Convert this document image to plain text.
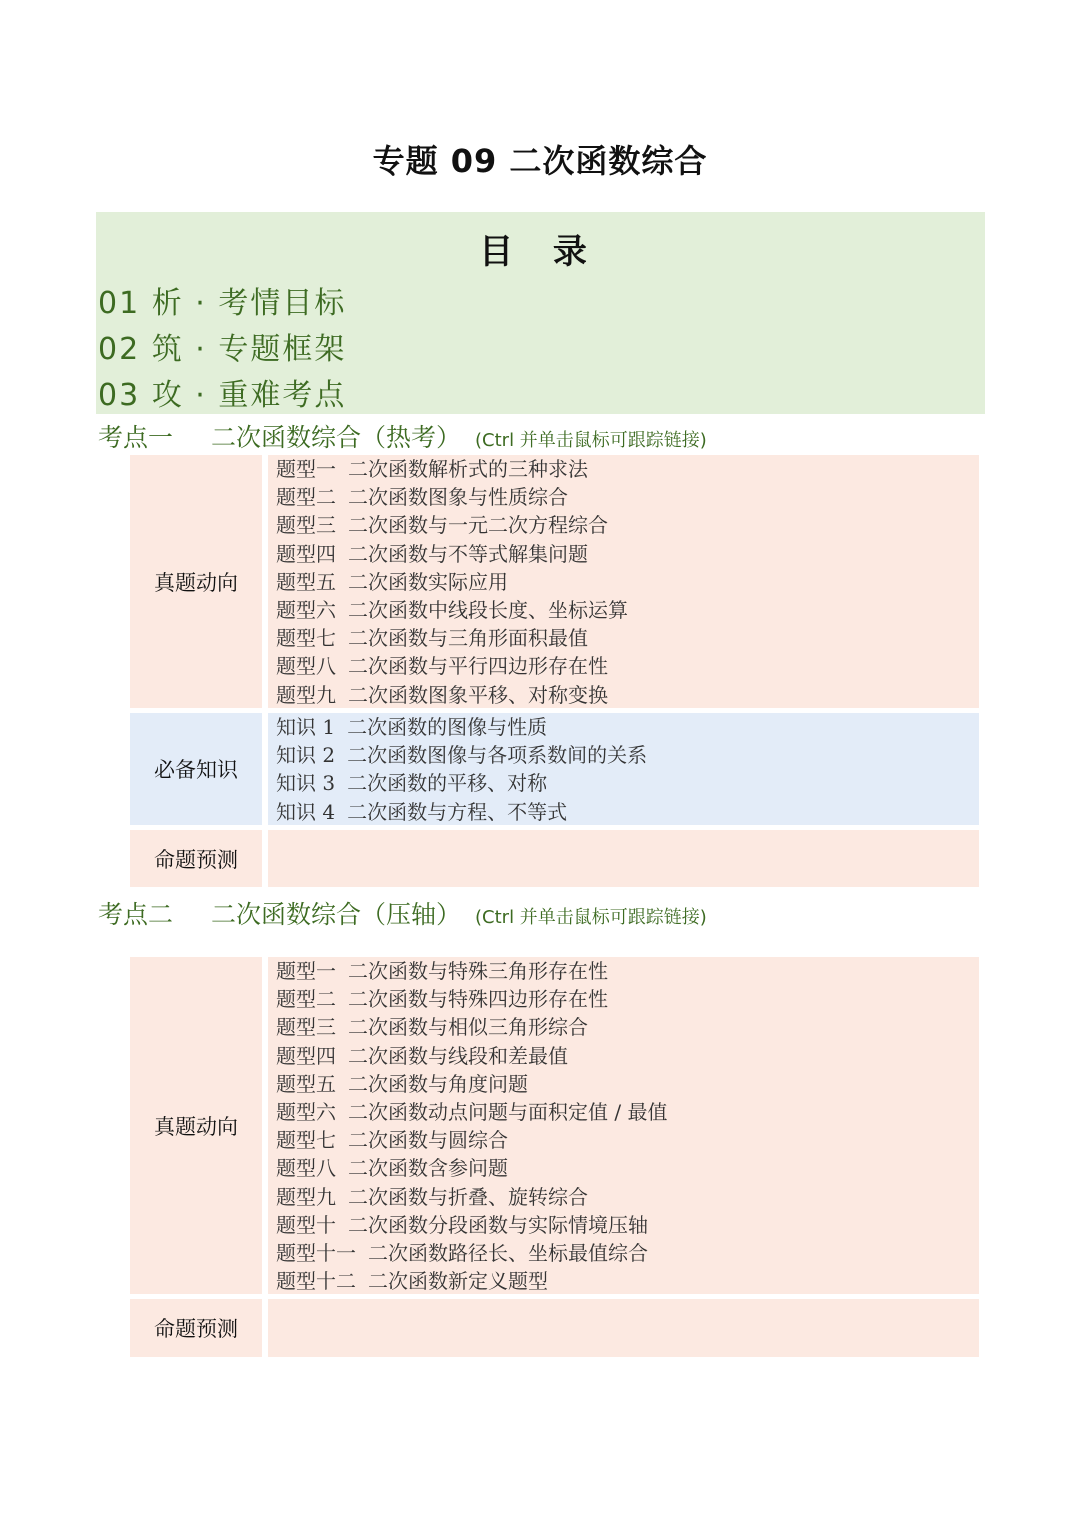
专题 09 二次函数综合
目 录
01 析 · 考情目标
02 筑 · 专题框架
03 攻 · 重难考点
考点一 二次函数综合（热考） (Ctrl 并单击鼠标可跟踪链接)
真题动向
题型一 二次函数解析式的三种求法
题型二 二次函数图象与性质综合
题型三 二次函数与一元二次方程综合
题型四 二次函数与不等式解集问题
题型五 二次函数实际应用
题型六 二次函数中线段长度、坐标运算
题型七 二次函数与三角形面积最值
题型八 二次函数与平行四边形存在性
题型九 二次函数图象平移、对称变换
必备知识
知识 1 二次函数的图像与性质
知识 2 二次函数图像与各项系数间的关系
知识 3 二次函数的平移、对称
知识 4 二次函数与方程、不等式
命题预测
考点二 二次函数综合（压轴） (Ctrl 并单击鼠标可跟踪链接)
真题动向
题型一 二次函数与特殊三角形存在性
题型二 二次函数与特殊四边形存在性
题型三 二次函数与相似三角形综合
题型四 二次函数与线段和差最值
题型五 二次函数与角度问题
题型六 二次函数动点问题与面积定值 / 最值
题型七 二次函数与圆综合
题型八 二次函数含参问题
题型九 二次函数与折叠、旋转综合
题型十 二次函数分段函数与实际情境压轴
题型十一 二次函数路径长、坐标最值综合
题型十二 二次函数新定义题型
命题预测
